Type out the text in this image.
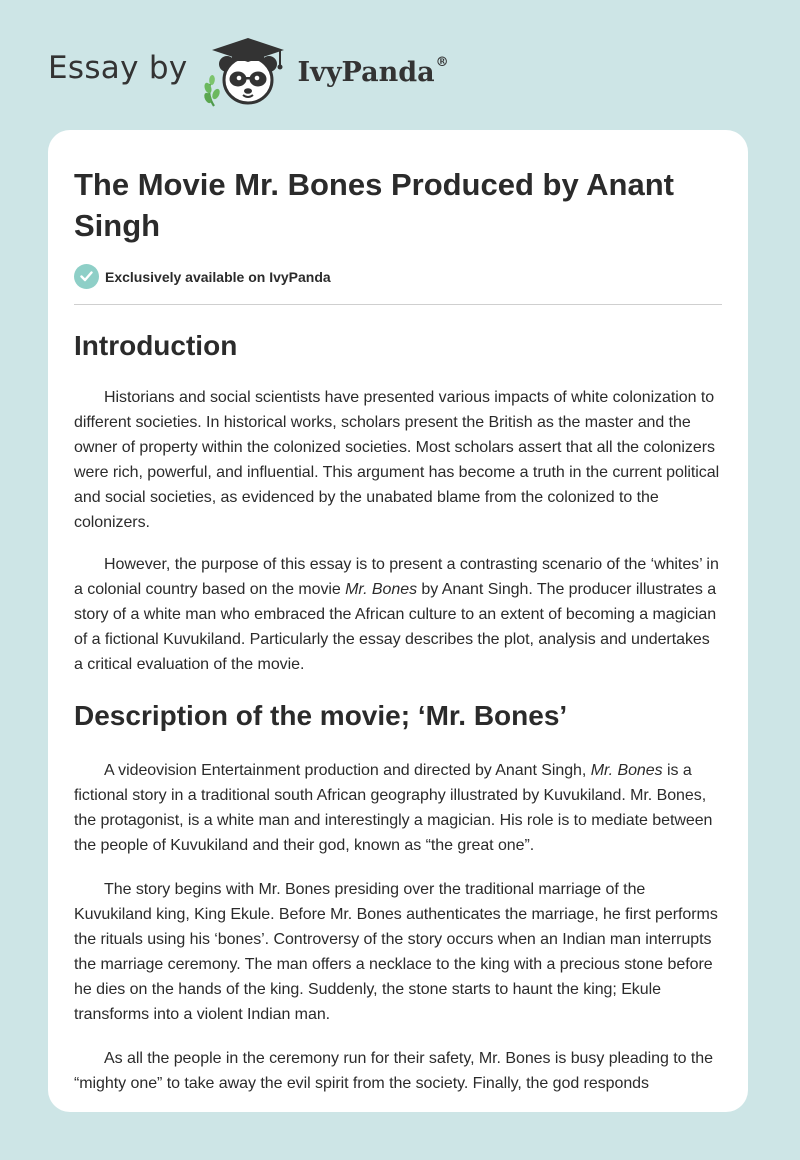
Essay by	IvyPanda®
The Movie Mr. Bones Produced by Anant Singh
Exclusively available on IvyPanda
Introduction

Historians and social scientists have presented various impacts of white colonization to different societies. In historical works, scholars present the British as the master and the owner of property within the colonized societies. Most scholars assert that all the colonizers were rich, powerful, and influential. This argument has become a truth in the current political and social societies, as evidenced by the unabated blame from the colonized to the colonizers.

However, the purpose of this essay is to present a contrasting scenario of the ‘whites’ in a colonial country based on the movie Mr. Bones by Anant Singh. The producer illustrates a story of a white man who embraced the African culture to an extent of becoming a magician of a fictional Kuvukiland. Particularly the essay describes the plot, analysis and undertakes a critical evaluation of the movie.

Description of the movie; ‘Mr. Bones’

A videovision Entertainment production and directed by Anant Singh, Mr. Bones is a fictional story in a traditional south African geography illustrated by Kuvukiland. Mr. Bones, the protagonist, is a white man and interestingly a magician. His role is to mediate between the people of Kuvukiland and their god, known as “the great one”.

The story begins with Mr. Bones presiding over the traditional marriage of the Kuvukiland king, King Ekule. Before Mr. Bones authenticates the marriage, he first performs the rituals using his ‘bones’. Controversy of the story occurs when an Indian man interrupts the marriage ceremony. The man offers a necklace to the king with a precious stone before he dies on the hands of the king. Suddenly, the stone starts to haunt the king; Ekule transforms into a violent Indian man.

As all the people in the ceremony run for their safety, Mr. Bones is busy pleading to the “mighty one” to take away the evil spirit from the society. Finally, the god responds
